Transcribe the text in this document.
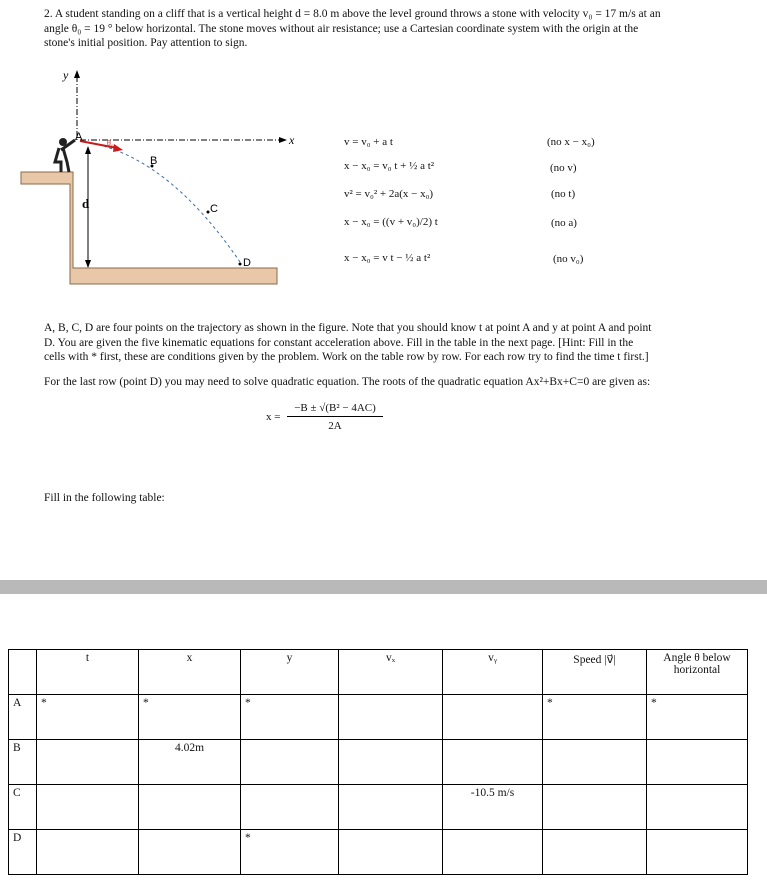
2. A student standing on a cliff that is a vertical height d = 8.0 m above the level ground throws a stone with velocity v₀ = 17 m/s at an
angle θ₀ = 19 ° below horizontal. The stone moves without air resistance; use a Cartesian coordinate system with the origin at the
stone's initial position. Pay attention to sign.
y
x
d
θ₀
A
B
C
D
v = v₀ + a t	(no x − x₀)
x − x₀ = v₀ t + ½ a t²	(no v)
v² = v₀² + 2a(x − x₀)	(no t)
x − x₀ = ((v + v₀)/2) t	(no a)
x − x₀ = v t − ½ a t²	(no v₀)
A, B, C, D are four points on the trajectory as shown in the figure. Note that you should know t at point A and y at point A and point
D. You are given the five kinematic equations for constant acceleration above. Fill in the table in the next page. [Hint: Fill in the
cells with * first, these are conditions given by the problem. Work on the table row by row. For each row try to find the time t first.]
For the last row (point D) you may need to solve quadratic equation. The roots of the quadratic equation Ax²+Bx+C=0 are given as:
$x = \frac{\text{−B ± √(B² − 4AC)}}{2A}$
Fill in the following table:
	t	x	y	vₓ	vᵧ	Speed |v⃗|	Angle θ below horizontal
A	*	*	*			*	*
B		4.02m					
C					-10.5 m/s		
D			*				
